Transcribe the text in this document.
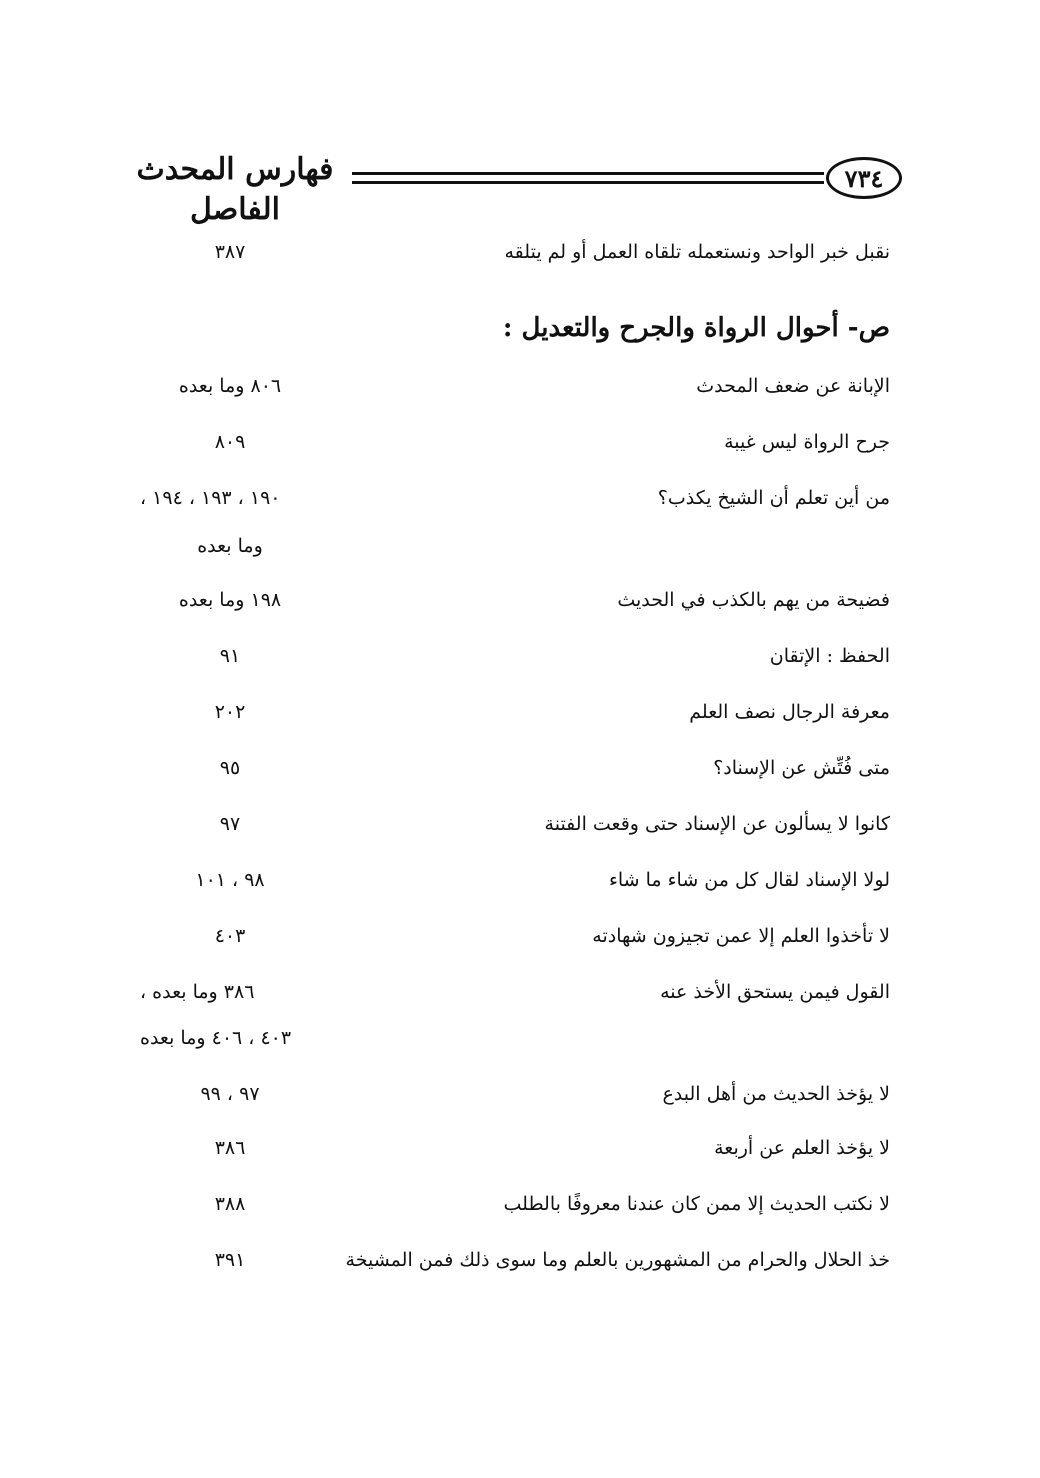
فهارس المحدث الفاصل
٧٣٤
نقبل خبر الواحد ونستعمله تلقاه العمل أو لم يتلقه
٣٨٧
ص- أحوال الرواة والجرح والتعديل :
الإبانة عن ضعف المحدث
٨٠٦ وما بعده
جرح الرواة ليس غيبة
٨٠٩
من أين تعلم أن الشيخ يكذب؟
١٩٠ ، ١٩٣ ، ١٩٤ ،
وما بعده
فضيحة من يهم بالكذب في الحديث
١٩٨ وما بعده
الحفظ : الإتقان
٩١
معرفة الرجال نصف العلم
٢٠٢
متى فُتِّش عن الإسناد؟
٩٥
كانوا لا يسألون عن الإسناد حتى وقعت الفتنة
٩٧
لولا الإسناد لقال كل من شاء ما شاء
٩٨ ، ١٠١
لا تأخذوا العلم إلا عمن تجيزون شهادته
٤٠٣
القول فيمن يستحق الأخذ عنه
٣٨٦ وما بعده ،
٤٠٣ ، ٤٠٦ وما بعده
لا يؤخذ الحديث من أهل البدع
٩٧ ، ٩٩
لا يؤخذ العلم عن أربعة
٣٨٦
لا نكتب الحديث إلا ممن كان عندنا معروفًا بالطلب
٣٨٨
خذ الحلال والحرام من المشهورين بالعلم وما سوى ذلك فمن المشيخة
٣٩١
